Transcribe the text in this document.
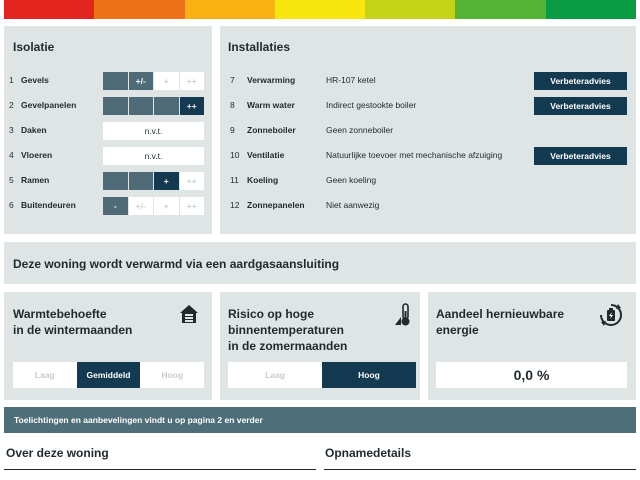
Isolatie
1 Gevels	+/-	+	++
2 Gevelpanelen	++
3 Daken	n.v.t.
4 Vloeren	n.v.t.
5 Ramen	+	++
6 Buitendeuren	-	+/-	+	++
Installaties
7 Verwarming	HR-107 ketel	Verbeteradvies
8 Warm water	Indirect gestookte boiler	Verbeteradvies
9 Zonneboiler	Geen zonneboiler
10 Ventilatie	Natuurlijke toevoer met mechanische afzuiging	Verbeteradvies
11 Koeling	Geen koeling
12 Zonnepanelen	Niet aanwezig
Deze woning wordt verwarmd via een aardgasaansluiting
Warmtebehoefte
in de wintermaanden
Laag	Gemiddeld	Hoog
Risico op hoge
binnentemperaturen
in de zomermaanden
Laag	Hoog
Aandeel hernieuwbare
energie
0,0 %
Toelichtingen en aanbevelingen vindt u op pagina 2 en verder
Over deze woning	Opnamedetails
